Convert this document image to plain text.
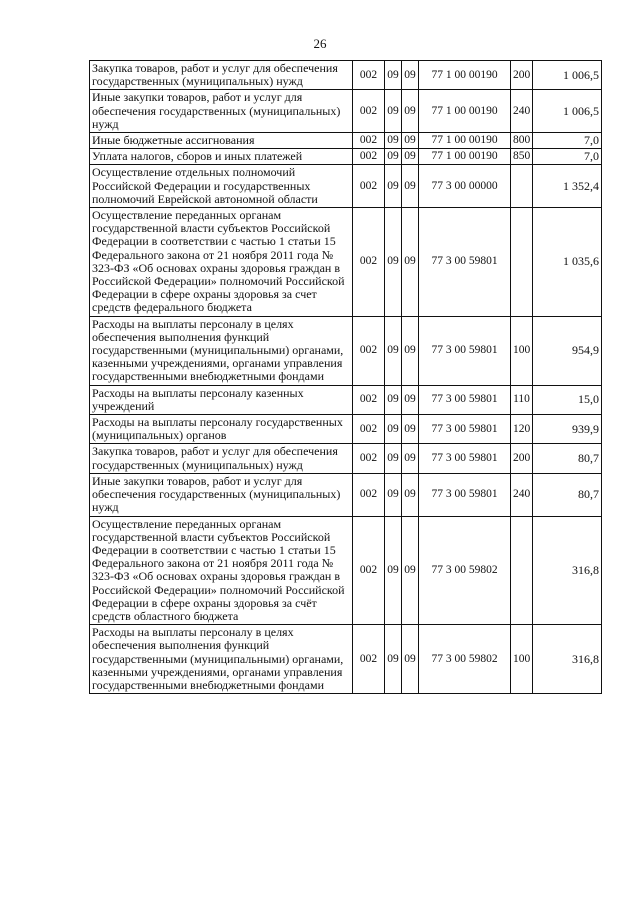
26
Закупка товаров, работ и услуг для обеспечения государственных (муниципальных) нужд	002	09	09	77 1 00 00190	200	1 006,5
Иные закупки товаров, работ и услуг для обеспечения государственных (муниципальных) нужд	002	09	09	77 1 00 00190	240	1 006,5
Иные бюджетные ассигнования	002	09	09	77 1 00 00190	800	7,0
Уплата налогов, сборов и иных платежей	002	09	09	77 1 00 00190	850	7,0
Осуществление отдельных полномочий Российской Федерации и государственных полномочий Еврейской автономной области	002	09	09	77 3 00 00000		1 352,4
Осуществление переданных органам государственной власти субъектов Российской Федерации в соответствии с частью 1 статьи 15 Федерального закона от 21 ноября 2011 года № 323-ФЗ «Об основах охраны здоровья граждан в Российской Федерации» полномочий Российской Федерации в сфере охраны здоровья за счет средств федерального бюджета	002	09	09	77 3 00 59801		1 035,6
Расходы на выплаты персоналу в целях обеспечения выполнения функций государственными (муниципальными) органами, казенными учреждениями, органами управления государственными внебюджетными фондами	002	09	09	77 3 00 59801	100	954,9
Расходы на выплаты персоналу казенных учреждений	002	09	09	77 3 00 59801	110	15,0
Расходы на выплаты персоналу государственных (муниципальных) органов	002	09	09	77 3 00 59801	120	939,9
Закупка товаров, работ и услуг для обеспечения государственных (муниципальных) нужд	002	09	09	77 3 00 59801	200	80,7
Иные закупки товаров, работ и услуг для обеспечения государственных (муниципальных) нужд	002	09	09	77 3 00 59801	240	80,7
Осуществление переданных органам государственной власти субъектов Российской Федерации в соответствии с частью 1 статьи 15 Федерального закона от 21 ноября 2011 года № 323-ФЗ «Об основах охраны здоровья граждан в Российской Федерации» полномочий Российской Федерации в сфере охраны здоровья за счёт средств областного бюджета	002	09	09	77 3 00 59802		316,8
Расходы на выплаты персоналу в целях обеспечения выполнения функций государственными (муниципальными) органами, казенными учреждениями, органами управления государственными внебюджетными фондами	002	09	09	77 3 00 59802	100	316,8
